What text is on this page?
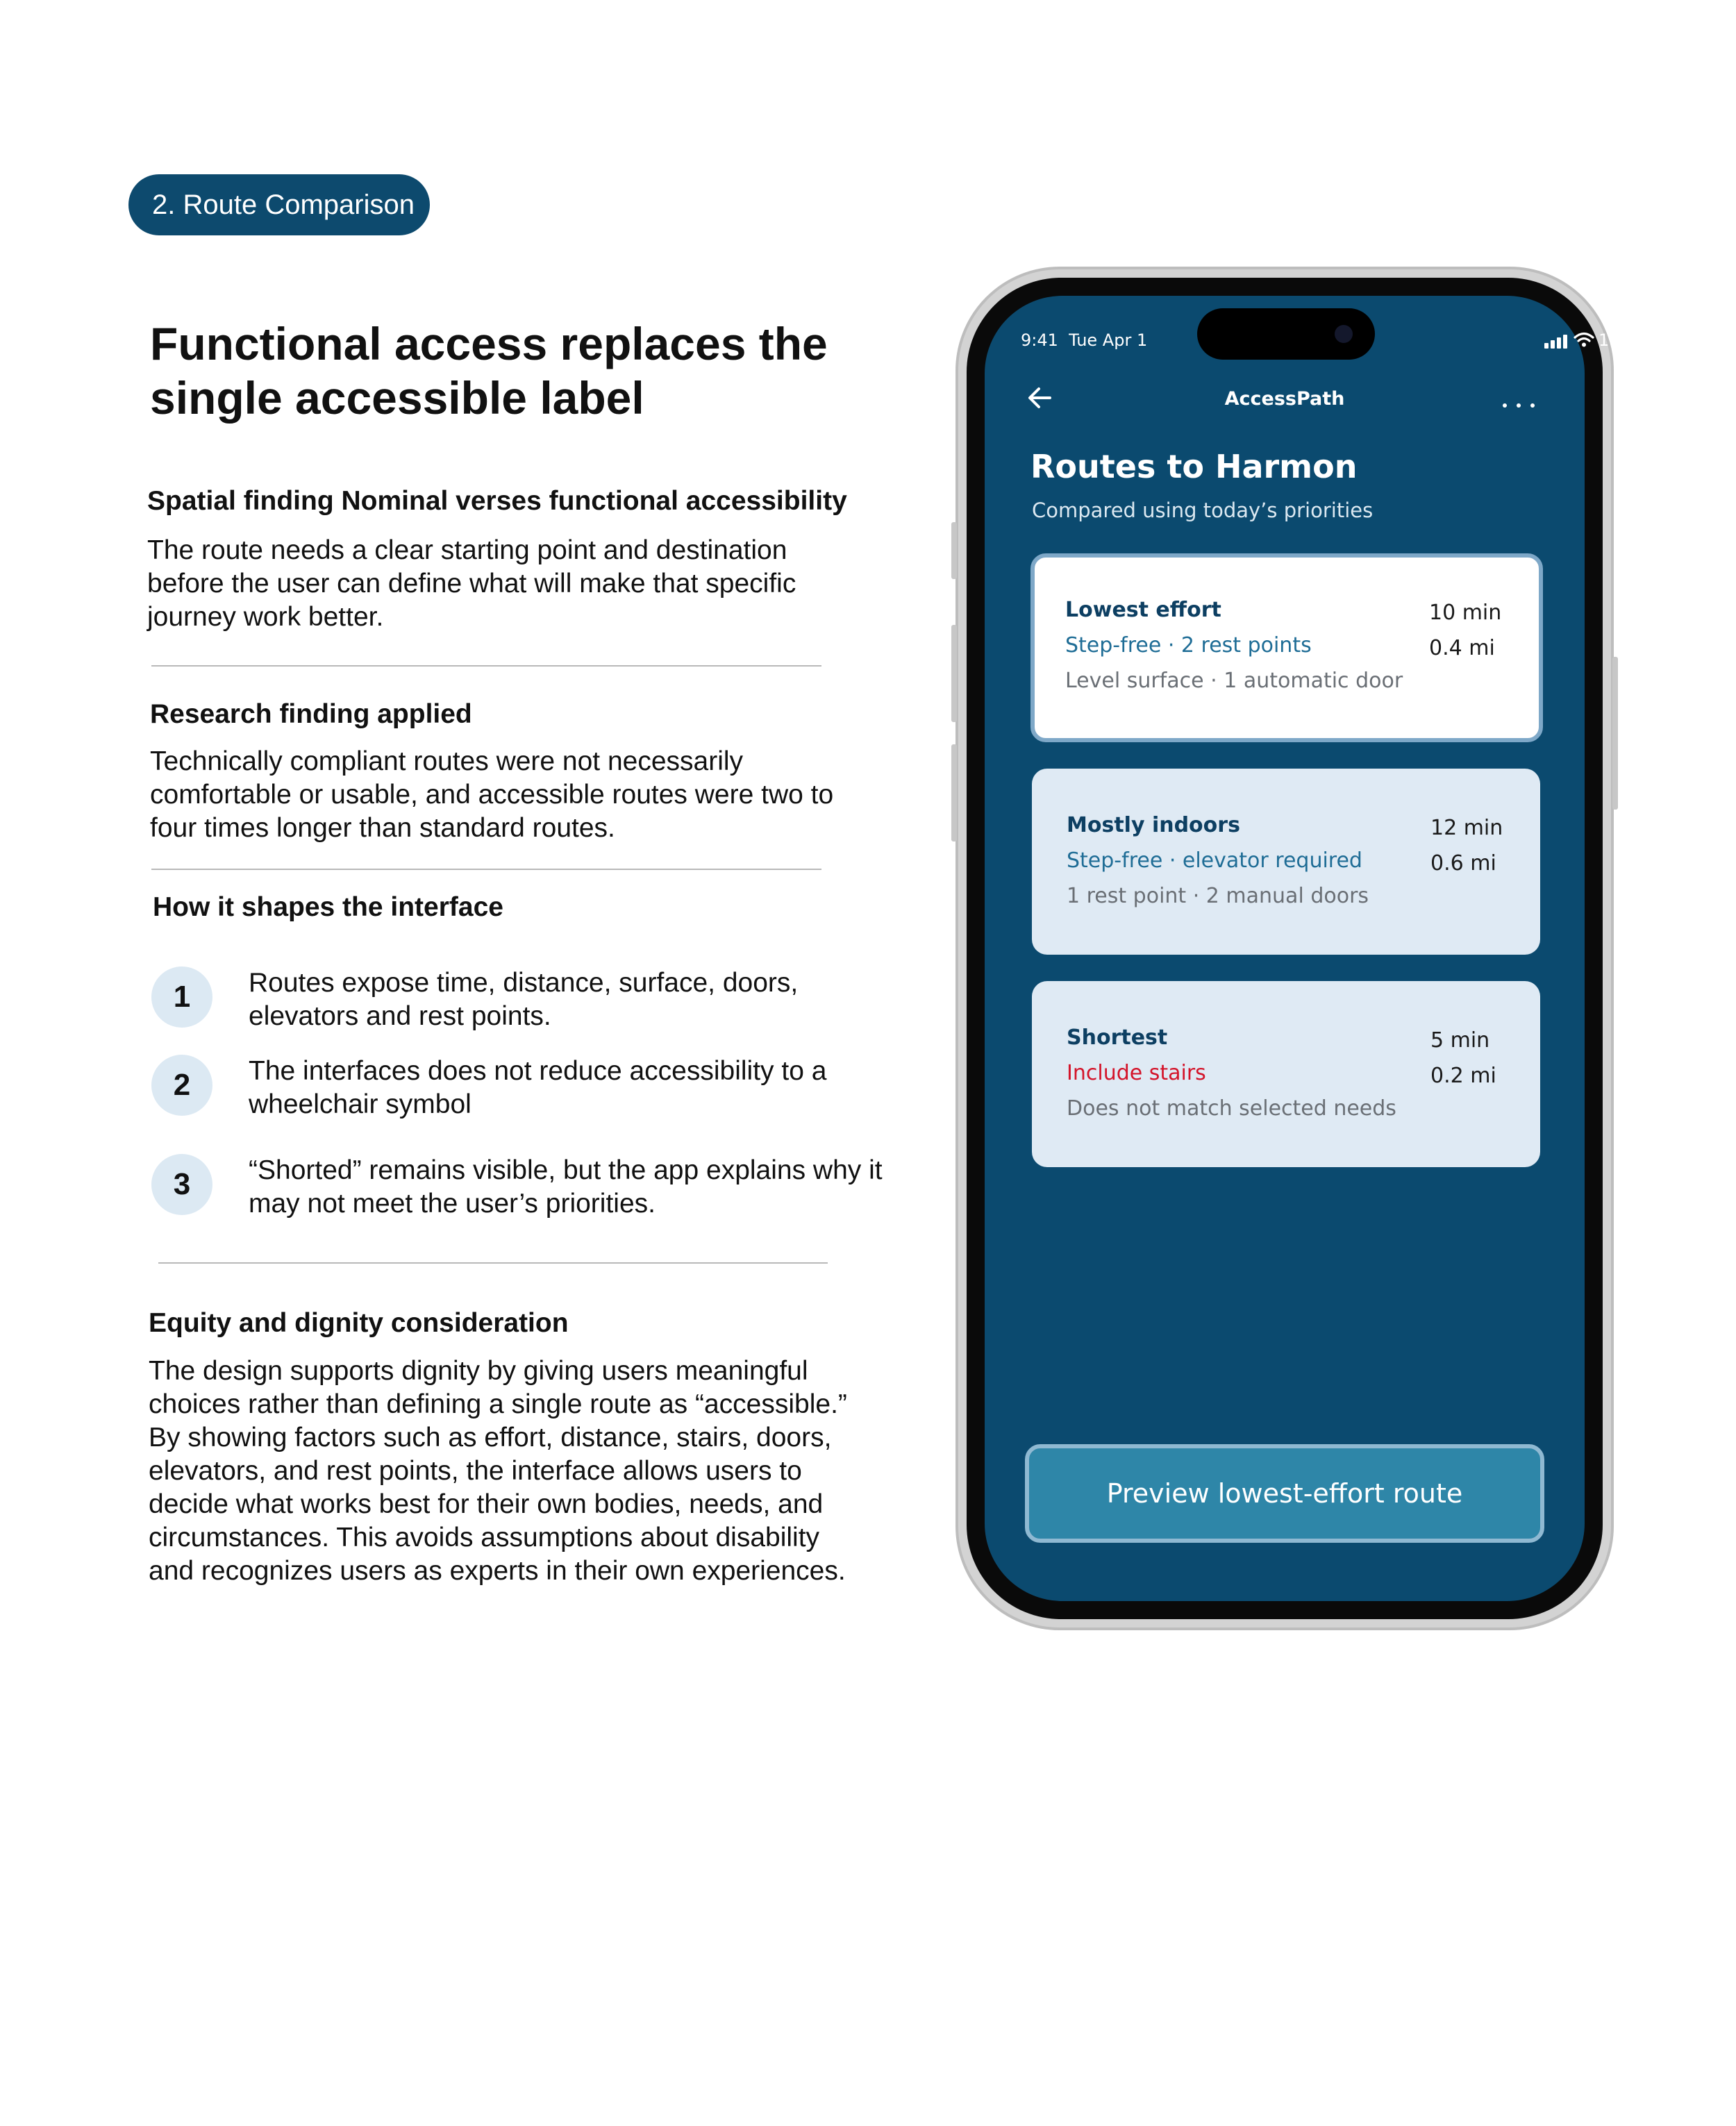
2. Route Comparison
Functional access replaces the
single accessible label
Spatial finding Nominal verses functional accessibility
The route needs a clear starting point and destination
before the user can define what will make that specific
journey work better.
Research finding applied
Technically compliant routes were not necessarily
comfortable or usable, and accessible routes were two to
four times longer than standard routes.
How it shapes the interface
1	Routes expose time, distance, surface, doors,
elevators and rest points.
2	The interfaces does not reduce accessibility to a
wheelchair symbol
3	“Shorted” remains visible, but the app explains why it
may not meet the user’s priorities.
Equity and dignity consideration
The design supports dignity by giving users meaningful
choices rather than defining a single route as “accessible.”
By showing factors such as effort, distance, stairs, doors,
elevators, and rest points, the interface allows users to
decide what works best for their own bodies, needs, and
circumstances. This avoids assumptions about disability
and recognizes users as experts in their own experiences.
9:41 Tue Apr 1	100%
AccessPath
Routes to Harmon
Compared using today’s priorities
Lowest effort
Step-free · 2 rest points
Level surface · 1 automatic door
10 min
0.4 mi
Mostly indoors
Step-free · elevator required
1 rest point · 2 manual doors
12 min
0.6 mi
Shortest
Include stairs
Does not match selected needs
5 min
0.2 mi
Preview lowest-effort route
